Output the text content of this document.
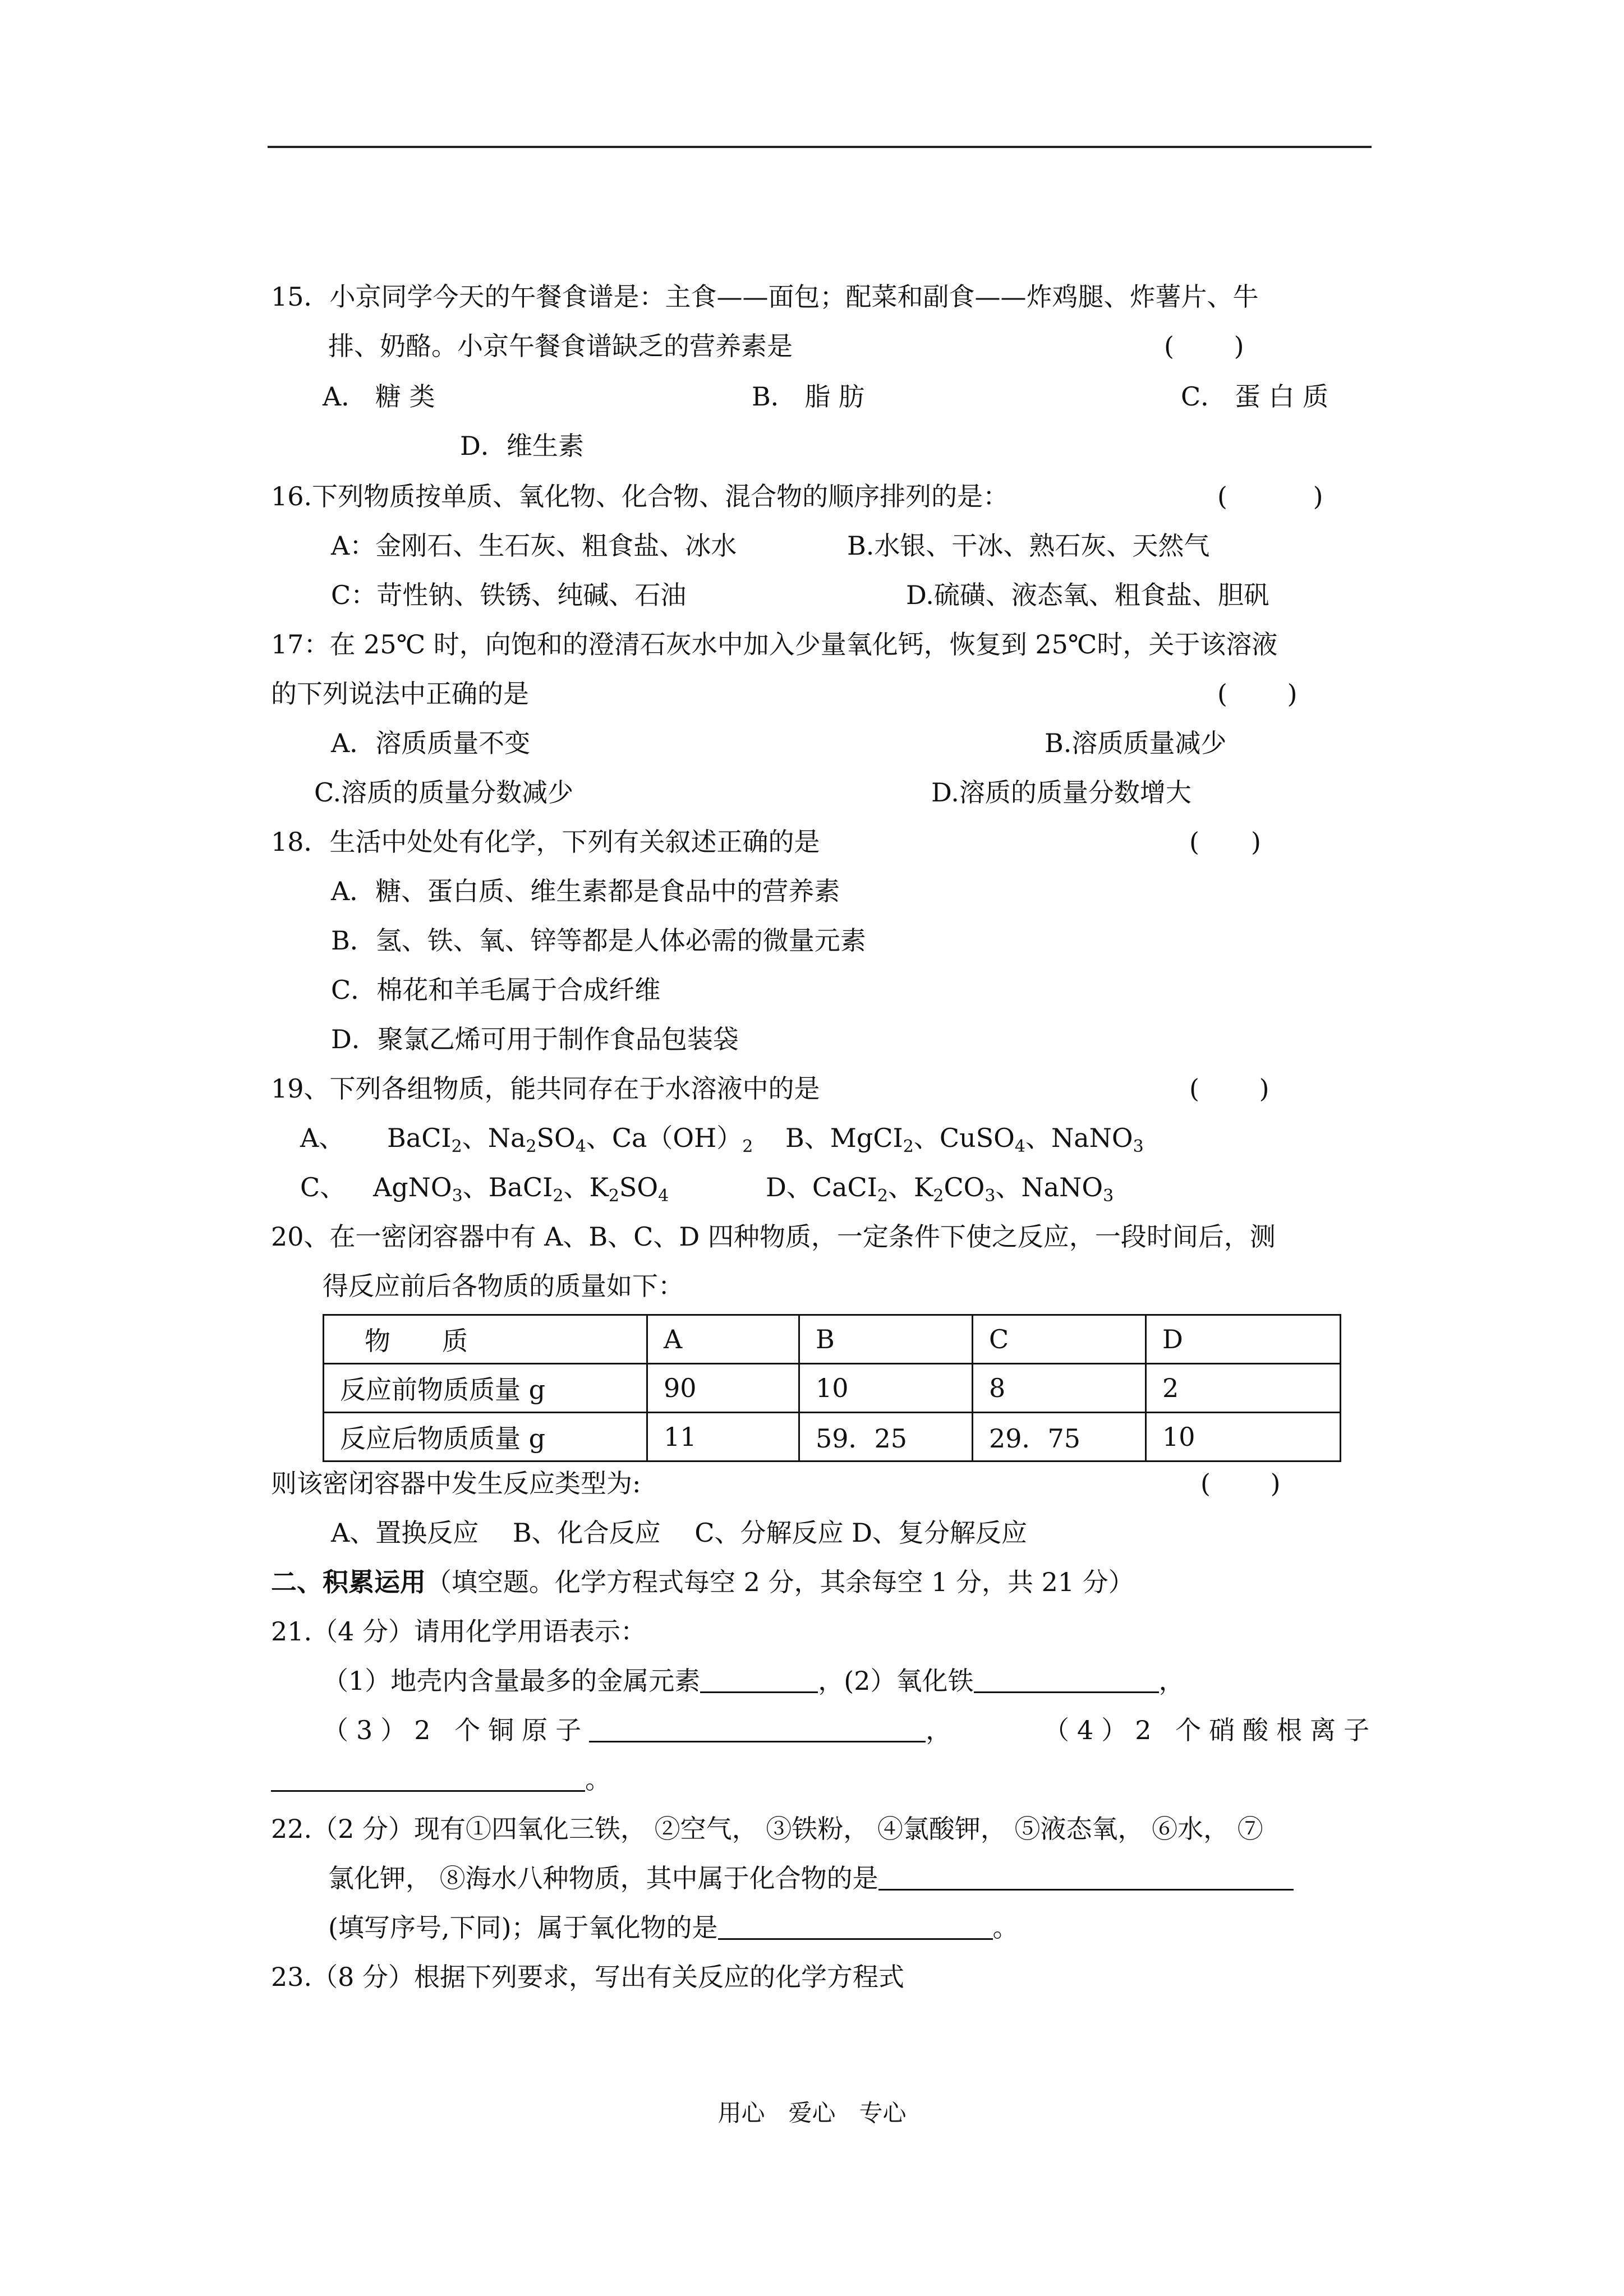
15．小京同学今天的午餐食谱是：主食——面包；配菜和副食——炸鸡腿、炸薯片、牛
排、奶酪。小京午餐食谱缺乏的营养素是	(　　 )
A． 糖 类	B． 脂 肪	C． 蛋 白 质
D．维生素
16.下列物质按单质、氧化物、化合物、混合物的顺序排列的是：	(　　　 )
A：金刚石、生石灰、粗食盐、冰水	B.水银、干冰、熟石灰、天然气
C：苛性钠、铁锈、纯碱、石油	D.硫磺、液态氧、粗食盐、胆矾
17：在 25℃ 时，向饱和的澄清石灰水中加入少量氧化钙，恢复到 25℃时，关于该溶液
的下列说法中正确的是	(　　 )
A．溶质质量不变	B.溶质质量减少
C.溶质的质量分数减少	D.溶质的质量分数增大
18．生活中处处有化学，下列有关叙述正确的是	(　　)
A．糖、蛋白质、维生素都是食品中的营养素
B．氢、铁、氧、锌等都是人体必需的微量元素
C．棉花和羊毛属于合成纤维
D．聚氯乙烯可用于制作食品包装袋
19、下列各组物质，能共同存在于水溶液中的是	(　　 )
A、 BaCI$_2$、$Na_2SO_4$、$Ca(OH)_2$ B、MgCI$_2$、CuSO$_4$、NaNO$_3$
C、 AgNO$_3$、BaCI$_2$、$K_2SO_4$	D、CaCI$_2$、$K_2CO_3$、NaNO$_3$
20、在一密闭容器中有 A、B、C、D 四种物质，一定条件下使之反应，一段时间后，测
得反应前后各物质的质量如下：
物　　质	A	B	C	D
反应前物质质量 g	90	10	8	2
反应后物质质量 g	11	59．25	29．75	10
则该密闭容器中发生反应类型为:	(　　 )
A、置换反应　 B、化合反应　 C、分解反应 D、复分解反应
二、积累运用（填空题。化学方程式每空 2 分，其余每空 1 分，共 21 分）
21.（4 分）请用化学用语表示：
（1）地壳内含量最多的金属元素	，(2）氧化铁	，
（3）2 个铜原子	，	（4）2 个硝酸根离子
。
22.（2 分）现有①四氧化三铁， ②空气， ③铁粉， ④氯酸钾， ⑤液态氧， ⑥水， ⑦
氯化钾， ⑧海水八种物质，其中属于化合物的是
(填写序号,下同)；属于氧化物的是	。
23.（8 分）根据下列要求，写出有关反应的化学方程式
用心　爱心　专心
